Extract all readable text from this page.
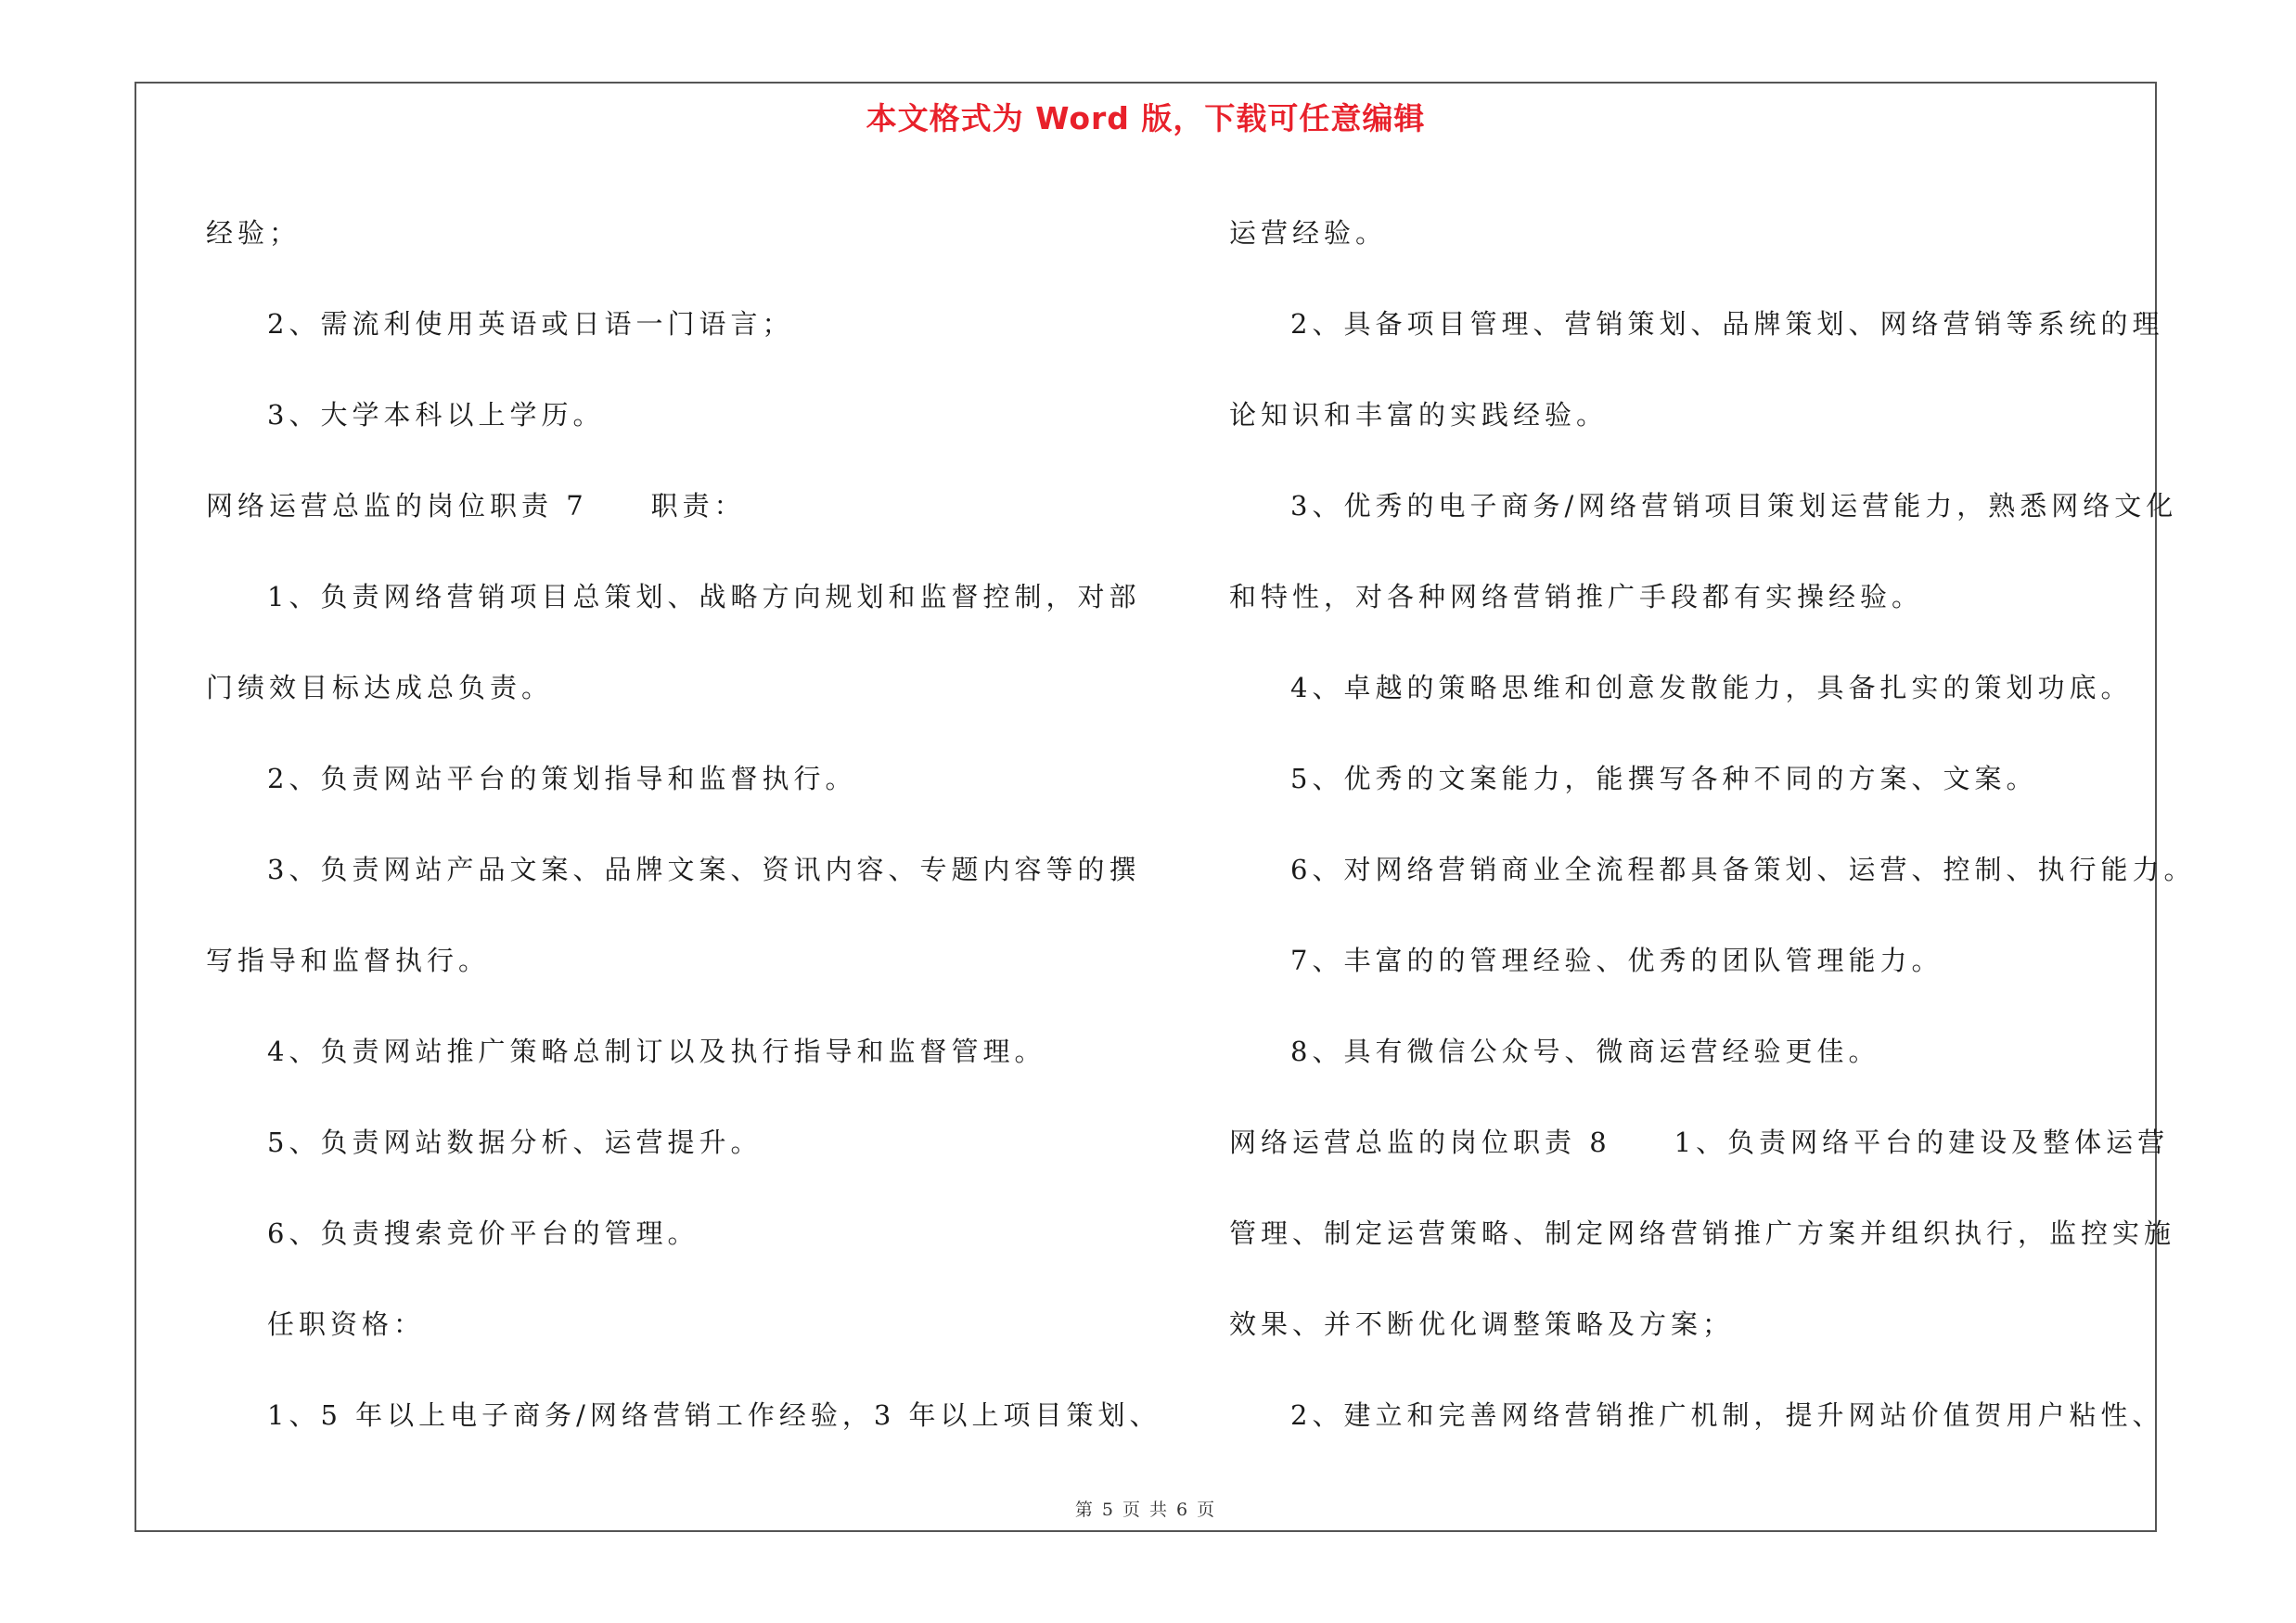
本文格式为 Word 版，下载可任意编辑
经验；
2、需流利使用英语或日语一门语言；
3、大学本科以上学历。
网络运营总监的岗位职责 7　　职责：
1、负责网络营销项目总策划、战略方向规划和监督控制，对部
门绩效目标达成总负责。
2、负责网站平台的策划指导和监督执行。
3、负责网站产品文案、品牌文案、资讯内容、专题内容等的撰
写指导和监督执行。
4、负责网站推广策略总制订以及执行指导和监督管理。
5、负责网站数据分析、运营提升。
6、负责搜索竞价平台的管理。
任职资格：
1、5 年以上电子商务/网络营销工作经验，3 年以上项目策划、
运营经验。
2、具备项目管理、营销策划、品牌策划、网络营销等系统的理
论知识和丰富的实践经验。
3、优秀的电子商务/网络营销项目策划运营能力，熟悉网络文化
和特性，对各种网络营销推广手段都有实操经验。
4、卓越的策略思维和创意发散能力，具备扎实的策划功底。
5、优秀的文案能力，能撰写各种不同的方案、文案。
6、对网络营销商业全流程都具备策划、运营、控制、执行能力。
7、丰富的的管理经验、优秀的团队管理能力。
8、具有微信公众号、微商运营经验更佳。
网络运营总监的岗位职责 8　　1、负责网络平台的建设及整体运营
管理、制定运营策略、制定网络营销推广方案并组织执行，监控实施
效果、并不断优化调整策略及方案；
2、建立和完善网络营销推广机制，提升网站价值贺用户粘性、
第 5 页 共 6 页
